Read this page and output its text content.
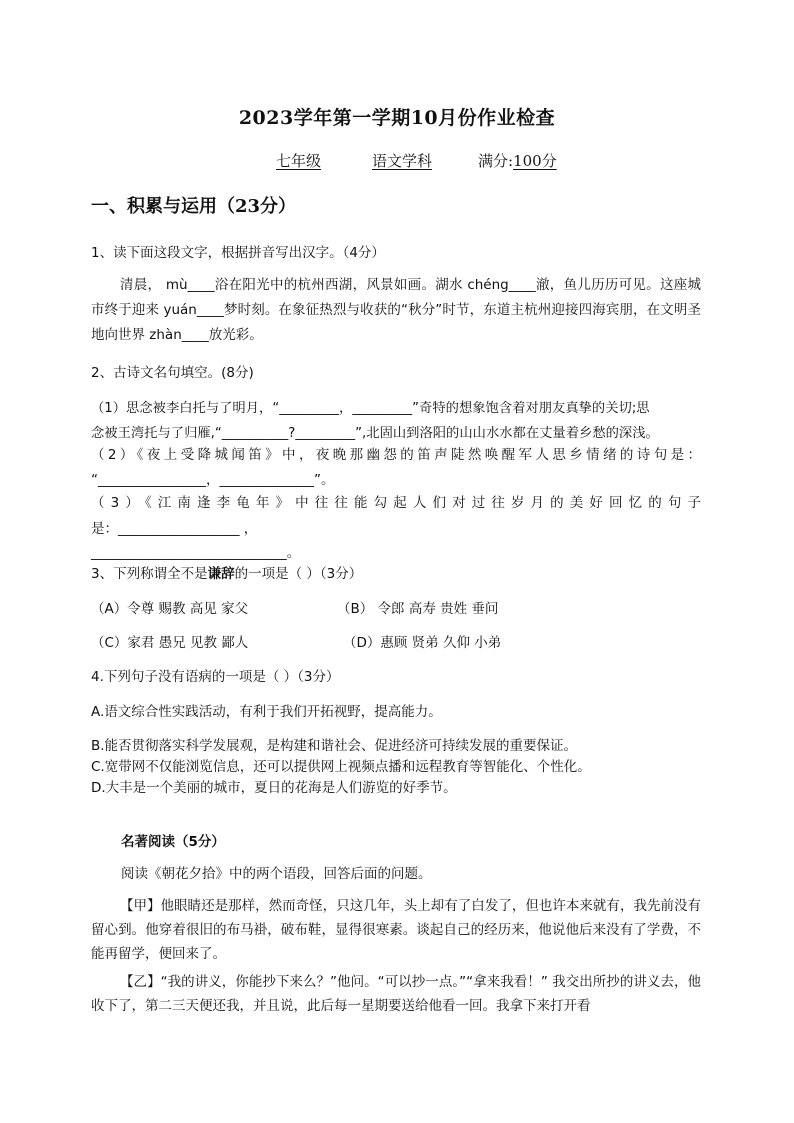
2023学年第一学期10月份作业检查
七年级	语文学科	满分:100分
一、积累与运用（23分）
1、读下面这段文字，根据拼音写出汉字。（4分）
清晨， mù____浴在阳光中的杭州西湖，风景如画。湖水 chéng____澈，鱼儿历历可见。这座城市终于迎来 yuán____梦时刻。在象征热烈与收获的“秋分”时节，东道主杭州迎接四海宾朋，在文明圣地向世界 zhàn____放光彩。
2、古诗文名句填空。(8分)
（1）思念被李白托与了明月，“_________，_________”奇特的想象饱含着对朋友真挚的关切;思
念被王湾托与了归雁,“__________?_________”,北固山到洛阳的山山水水都在丈量着乡愁的深浅。
（2）《夜上受降城闻笛》中，夜晚那幽怨的笛声陡然唤醒军人思乡情绪的诗句是：
“________________，______________”。
（3）《江南逢李龟年》中往往能勾起人们对过往岁月的美好回忆的句子
是：__________________ ，
_____________________________。
3、下列称谓全不是谦辞的一项是（ ）（3分）
（A）令尊 赐教 高见 家父	（B） 令郎 高寿 贵姓 垂问
（C）家君 愚兄 见教 鄙人	（D）惠顾 贤弟 久仰 小弟
4.下列句子没有语病的一项是（ ）（3分）
A.语文综合性实践活动，有利于我们开拓视野，提高能力。
B.能否贯彻落实科学发展观，是构建和谐社会、促进经济可持续发展的重要保证。
C.宽带网不仅能浏览信息，还可以提供网上视频点播和远程教育等智能化、个性化。
D.大丰是一个美丽的城市，夏日的花海是人们游览的好季节。
名著阅读（5分）
阅读《朝花夕拾》中的两个语段，回答后面的问题。
【甲】他眼睛还是那样，然而奇怪，只这几年，头上却有了白发了，但也许本来就有，我先前没有留心到。他穿着很旧的布马褂，破布鞋，显得很寒素。谈起自己的经历来，他说他后来没有了学费，不能再留学，便回来了。
【乙】“我的讲义，你能抄下来么？”他问。“可以抄一点。”“拿来我看！” 我交出所抄的讲义去，他收下了，第二三天便还我，并且说，此后每一星期要送给他看一回。我拿下来打开看
